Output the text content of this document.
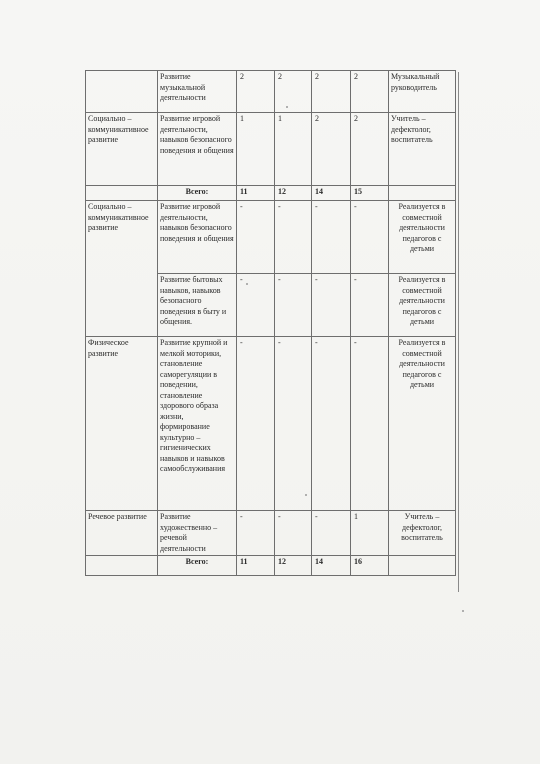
	Развитие музыкальной деятельности	2	2	2	2	Музыкальный руководитель
Социально – коммуникативное развитие	Развитие игровой деятельности, навыков безопасного поведения и общения	1	1	2	2	Учитель – дефектолог, воспитатель
	Всего:	11	12	14	15	
Социально – коммуникативное развитие	Развитие игровой деятельности, навыков безопасного поведения и общения	-	-	-	-	Реализуется в совместной деятельности педагогов с детьми
	Развитие бытовых навыков, навыков безопасного поведения в быту и общения.	-	-	-	-	Реализуется в совместной деятельности педагогов с детьми
Физическое развитие	Развитие крупной и мелкой моторики, становление саморегуляции в поведении, становление здорового образа жизни, формирование культурно – гигиенических навыков и навыков самообслуживания	-	-	-	-	Реализуется в совместной деятельности педагогов с детьми
Речевое развитие	Развитие художественно – речевой деятельности	-	-	-	1	Учитель – дефектолог, воспитатель
	Всего:	11	12	14	16	
